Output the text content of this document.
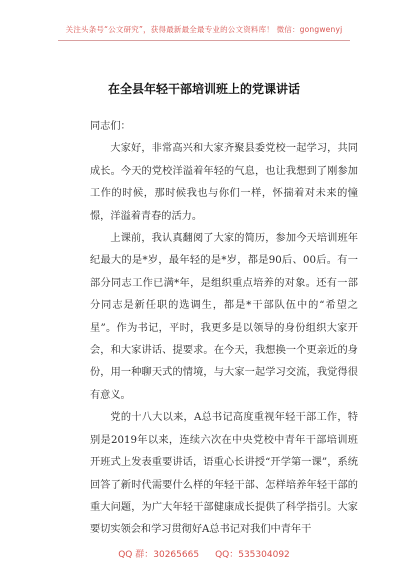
关注头条号“公文研究”，获得最新最全最专业的公文资料库！ 微信：gongwenyj
在全县年轻干部培训班上的党课讲话

同志们：

大家好，非常高兴和大家齐聚县委党校一起学习，共同成长。今天的党校洋溢着年轻的气息，也让我想到了刚参加工作的时候，那时候我也与你们一样，怀揣着对未来的憧憬，洋溢着青春的活力。

上课前，我认真翻阅了大家的简历，参加今天培训班年纪最大的是*岁，最年轻的是*岁，都是90后、00后。有一部分同志工作已满*年，是组织重点培养的对象。还有一部分同志是新任职的选调生，都是*干部队伍中的“希望之星”。作为书记，平时，我更多是以领导的身份组织大家开会，和大家讲话、提要求。在今天，我想换一个更亲近的身份，用一种聊天式的情境，与大家一起学习交流，我觉得很有意义。

党的十八大以来，A总书记高度重视年轻干部工作，特别是2019年以来，连续六次在中央党校中青年干部培训班开班式上发表重要讲话，语重心长讲授“开学第一课”，系统回答了新时代需要什么样的年轻干部、怎样培养年轻干部的重大问题，为广大年轻干部健康成长提供了科学指引。大家要切实领会和学习贯彻好A总书记对我们中青年干

QQ 群：30265665 QQ：535304092
